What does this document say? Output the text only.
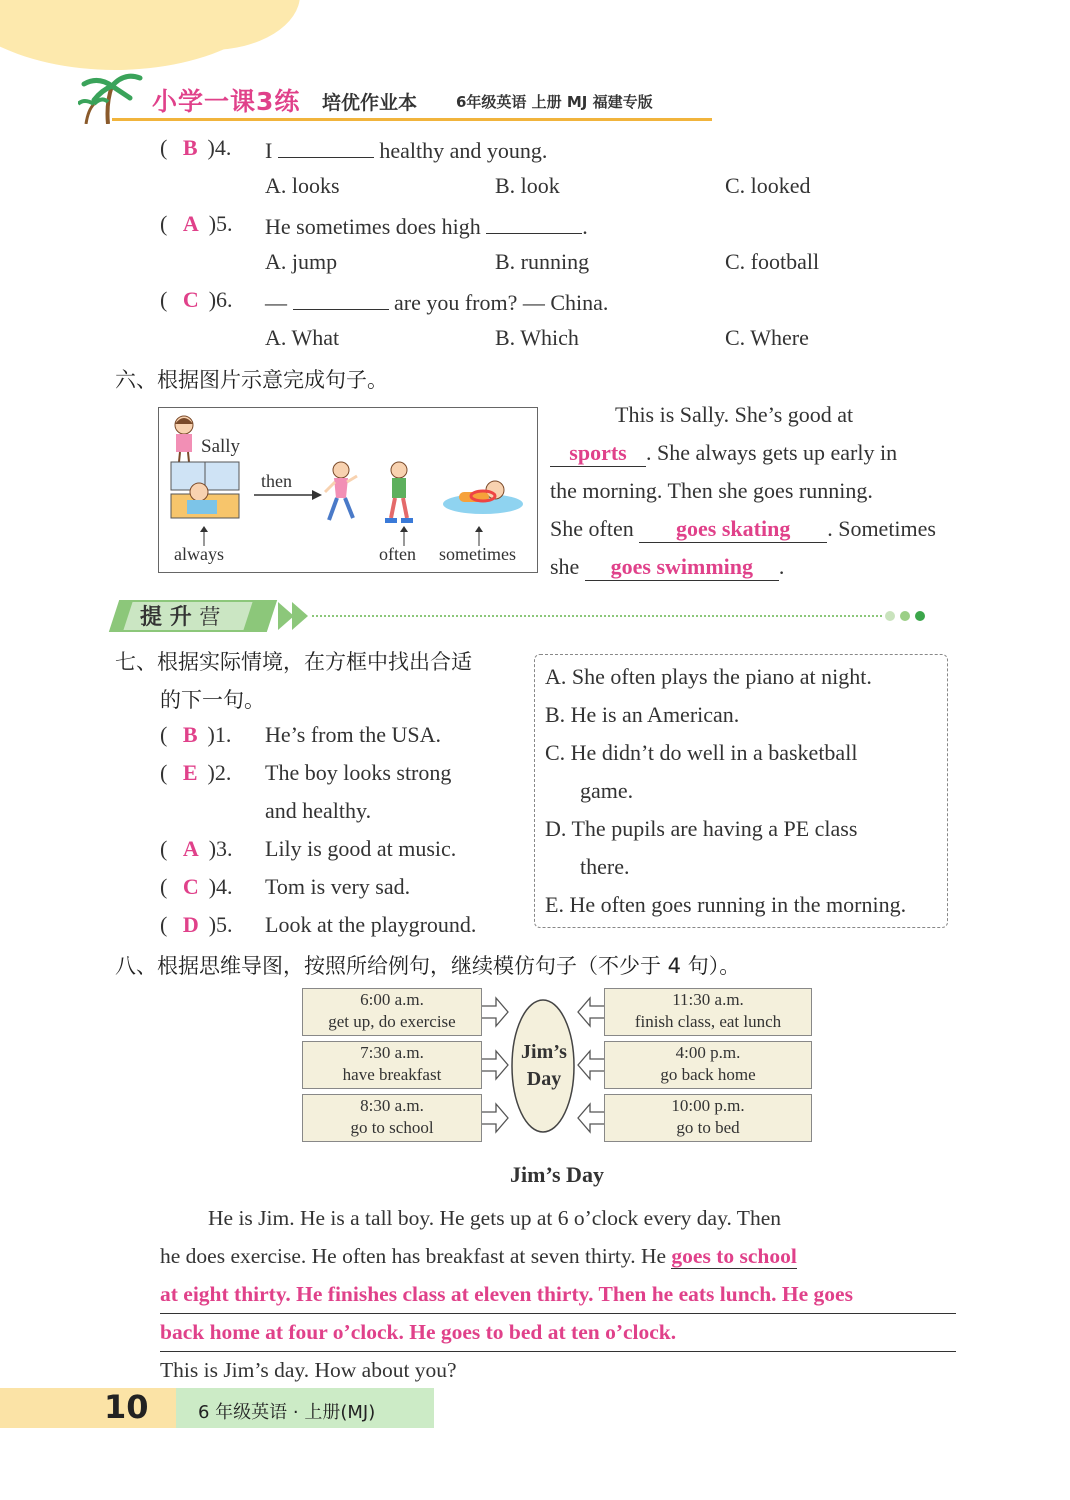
小学一课3练 培优作业本	6年级英语 上册 MJ 福建专版
( B )4. I	healthy and young.
A. looks	B. look	C. looked
( A )5. He sometimes does high	.
A. jump	B. running	C. football
( C )6. —	are you from? — China.
A. What	B. Which	C. Where
六、根据图片示意完成句子。
Sally
then
always	often sometimes
This is Sally. She’s good at
sports . She always gets up early in
the morning. Then she goes running.
She often goes skating . Sometimes
she goes swimming .
提 升 营
七、根据实际情境，在方框中找出合适
的下一句。
( B )1. He’s from the USA.
( E )2. The boy looks strong
and healthy.
( A )3. Lily is good at music.
( C )4. Tom is very sad.
( D )5. Look at the playground.
A. She often plays the piano at night.
B. He is an American.
C. He didn’t do well in a basketball
game.
D. The pupils are having a PE class
there.
E. He often goes running in the morning.
八、根据思维导图，按照所给例句，继续模仿句子（不少于 4 句）。
6:00 a.m.
get up, do exercise
7:30 a.m.
have breakfast
8:30 a.m.
go to school
11:30 a.m.
finish class, eat lunch
4:00 p.m.
go back home
10:00 p.m.
go to bed
Jim’s
Day
Jim’s Day
He is Jim. He is a tall boy. He gets up at 6 o’clock every day. Then
he does exercise. He often has breakfast at seven thirty. He goes to school
at eight thirty. He finishes class at eleven thirty. Then he eats lunch. He goes
back home at four o’clock. He goes to bed at ten o’clock.
This is Jim’s day. How about you?
10	6 年级英语 · 上册(MJ)
